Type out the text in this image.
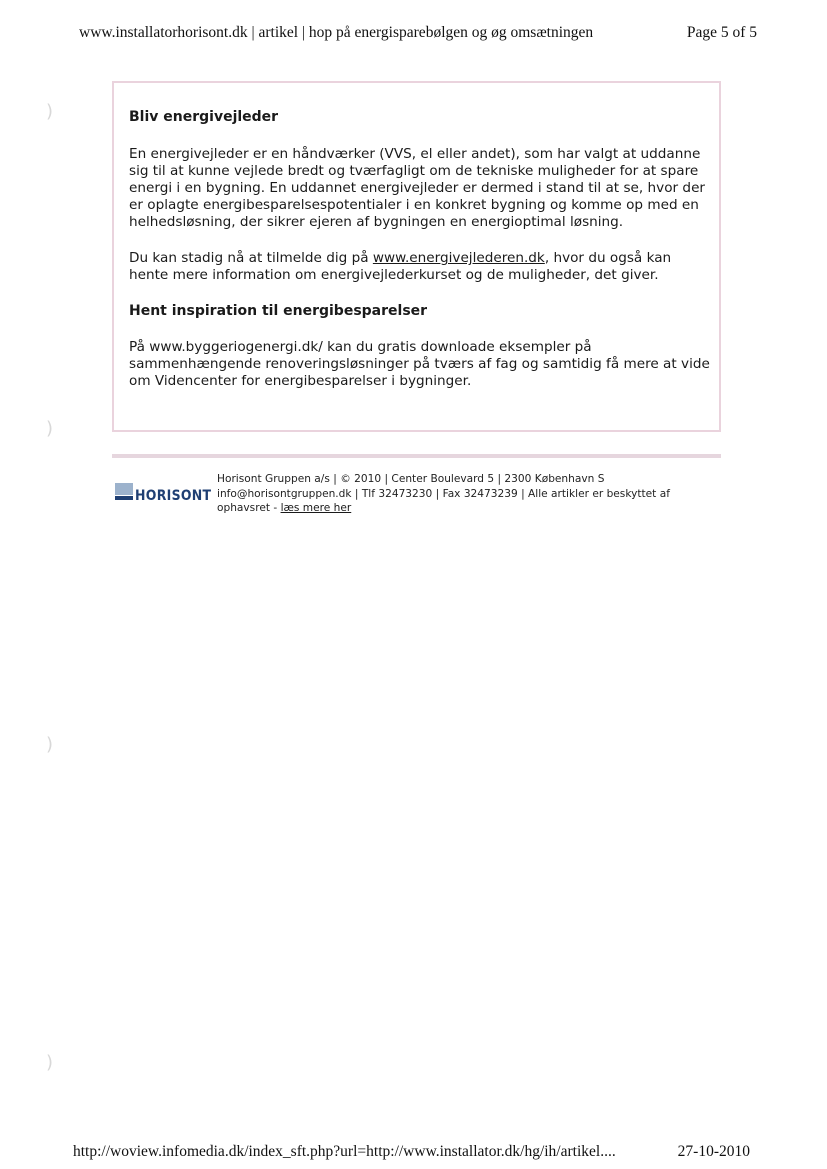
www.installatorhorisont.dk | artikel | hop på energisparebølgen og øg omsætningen	Page 5 of 5
)
)
)
)
Bliv energivejleder

En energivejleder er en håndværker (VVS, el eller andet), som har valgt at uddanne sig til at kunne vejlede bredt og tværfagligt om de tekniske muligheder for at spare energi i en bygning. En uddannet energivejleder er dermed i stand til at se, hvor der er oplagte energibesparelsespotentialer i en konkret bygning og komme op med en helhedsløsning, der sikrer ejeren af bygningen en energioptimal løsning.

Du kan stadig nå at tilmelde dig på www.energivejlederen.dk, hvor du også kan hente mere information om energivejlederkurset og de muligheder, det giver.

Hent inspiration til energibesparelser

På www.byggeriogenergi.dk/ kan du gratis downloade eksempler på sammenhængende renoveringsløsninger på tværs af fag og samtidig få mere at vide om Videncenter for energibesparelser i bygninger.

HORISONT
Horisont Gruppen a/s | © 2010 | Center Boulevard 5 | 2300 København S
info@horisontgruppen.dk | Tlf 32473230 | Fax 32473239 | Alle artikler er beskyttet af
ophavsret - læs mere her
http://woview.infomedia.dk/index_sft.php?url=http://www.installator.dk/hg/ih/artikel....	27-10-2010
